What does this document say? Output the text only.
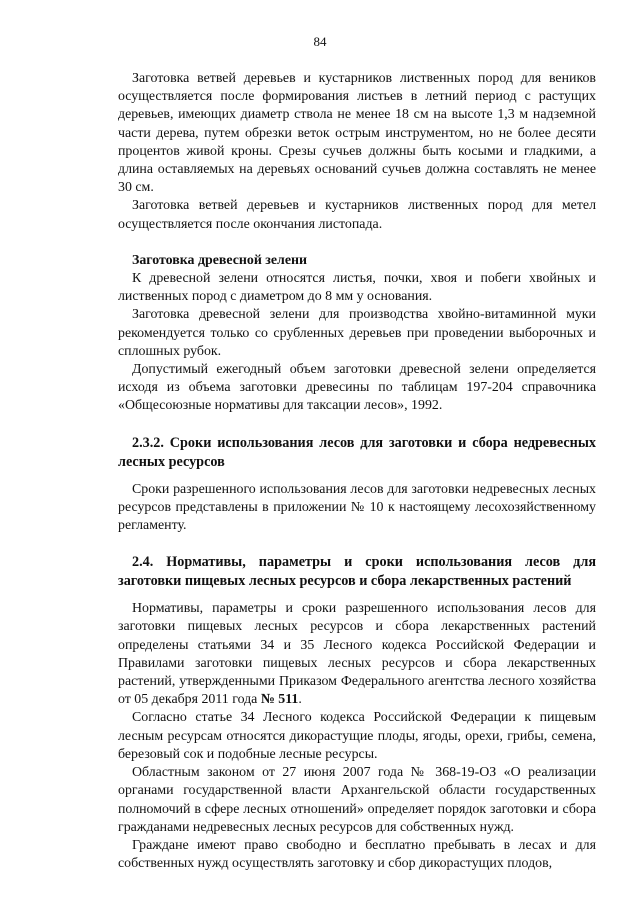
84

Заготовка ветвей деревьев и кустарников лиственных пород для веников осуществляется после формирования листьев в летний период с растущих деревьев, имеющих диаметр ствола не менее 18 см на высоте 1,3 м надземной части дерева, путем обрезки веток острым инструментом, но не более десяти процентов живой кроны. Срезы сучьев должны быть косыми и гладкими, а длина оставляемых на деревьях оснований сучьев должна составлять не менее 30 см.

Заготовка ветвей деревьев и кустарников лиственных пород для метел осуществляется после окончания листопада.

Заготовка древесной зелени

К древесной зелени относятся листья, почки, хвоя и побеги хвойных и лиственных пород с диаметром до 8 мм у основания.

Заготовка древесной зелени для производства хвойно-витаминной муки рекомендуется только со срубленных деревьев при проведении выборочных и сплошных рубок.

Допустимый ежегодный объем заготовки древесной зелени определяется исходя из объема заготовки древесины по таблицам 197-204 справочника «Общесоюзные нормативы для таксации лесов», 1992.

2.3.2. Сроки использования лесов для заготовки и сбора недревесных лесных ресурсов

Сроки разрешенного использования лесов для заготовки недревесных лесных ресурсов представлены в приложении № 10 к настоящему лесохозяйственному регламенту.

2.4. Нормативы, параметры и сроки использования лесов для заготовки пищевых лесных ресурсов и сбора лекарственных растений

Нормативы, параметры и сроки разрешенного использования лесов для заготовки пищевых лесных ресурсов и сбора лекарственных растений определены статьями 34 и 35 Лесного кодекса Российской Федерации и Правилами заготовки пищевых лесных ресурсов и сбора лекарственных растений, утвержденными Приказом Федерального агентства лесного хозяйства от 05 декабря 2011 года № 511.

Согласно статье 34 Лесного кодекса Российской Федерации к пищевым лесным ресурсам относятся дикорастущие плоды, ягоды, орехи, грибы, семена, березовый сок и подобные лесные ресурсы.

Областным законом от 27 июня 2007 года № 368-19-ОЗ «О реализации органами государственной власти Архангельской области государственных полномочий в сфере лесных отношений» определяет порядок заготовки и сбора гражданами недревесных лесных ресурсов для собственных нужд.

Граждане имеют право свободно и бесплатно пребывать в лесах и для собственных нужд осуществлять заготовку и сбор дикорастущих плодов,
